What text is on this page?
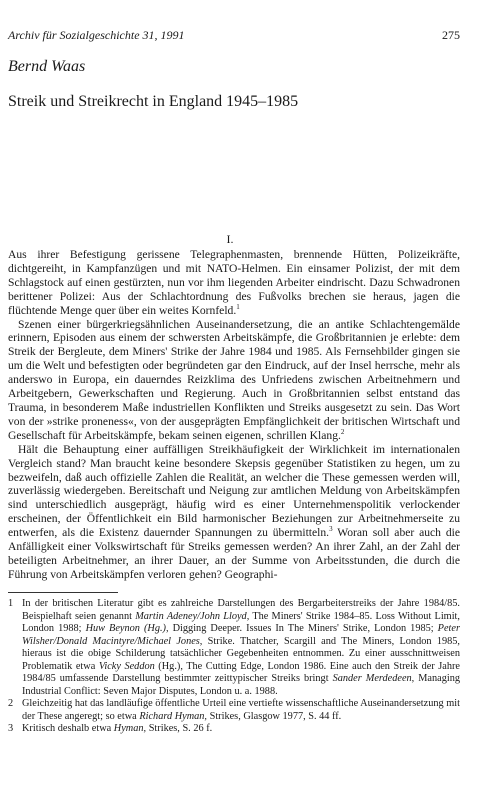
Archiv für Sozialgeschichte 31, 1991	275
Bernd Waas
Streik und Streikrecht in England 1945–1985
I.

Aus ihrer Befestigung gerissene Telegraphenmasten, brennende Hütten, Polizeikräfte, dichtgereiht, in Kampfanzügen und mit NATO-Helmen. Ein einsamer Polizist, der mit dem Schlagstock auf einen gestürzten, nun vor ihm liegenden Arbeiter eindrischt. Dazu Schwadronen berittener Polizei: Aus der Schlachtordnung des Fußvolks brechen sie heraus, jagen die flüchtende Menge quer über ein weites Kornfeld.$^1$

Szenen einer bürgerkriegsähnlichen Auseinandersetzung, die an antike Schlachtengemälde erinnern, Episoden aus einem der schwersten Arbeitskämpfe, die Großbritannien je erlebte: dem Streik der Bergleute, dem Miners' Strike der Jahre 1984 und 1985. Als Fernsehbilder gingen sie um die Welt und befestigten oder begründeten gar den Eindruck, auf der Insel herrsche, mehr als anderswo in Europa, ein dauerndes Reizklima des Unfriedens zwischen Arbeitnehmern und Arbeitgebern, Gewerkschaften und Regierung. Auch in Großbritannien selbst entstand das Trauma, in besonderem Maße industriellen Konflikten und Streiks ausgesetzt zu sein. Das Wort von der »strike proneness«, von der ausgeprägten Empfänglichkeit der britischen Wirtschaft und Gesellschaft für Arbeitskämpfe, bekam seinen eigenen, schrillen Klang.$^2$

Hält die Behauptung einer auffälligen Streikhäufigkeit der Wirklichkeit im internationalen Vergleich stand? Man braucht keine besondere Skepsis gegenüber Statistiken zu hegen, um zu bezweifeln, daß auch offizielle Zahlen die Realität, an welcher die These gemessen werden will, zuverlässig wiedergeben. Bereitschaft und Neigung zur amtlichen Meldung von Arbeitskämpfen sind unterschiedlich ausgeprägt, häufig wird es einer Unternehmenspolitik verlockender erscheinen, der Öffentlichkeit ein Bild harmonischer Beziehungen zur Arbeitnehmerseite zu entwerfen, als die Existenz dauernder Spannungen zu übermitteln.$^3$ Woran soll aber auch die Anfälligkeit einer Volkswirtschaft für Streiks gemessen werden? An ihrer Zahl, an der Zahl der beteiligten Arbeitnehmer, an ihrer Dauer, an der Summe von Arbeitsstunden, die durch die Führung von Arbeitskämpfen verloren gehen? Geographi-

1 In der britischen Literatur gibt es zahlreiche Darstellungen des Bergarbeiterstreiks der Jahre 1984/85. Beispielhaft seien genannt Martin Adeney/John Lloyd, The Miners' Strike 1984–85. Loss Without Limit, London 1988; Huw Beynon (Hg.), Digging Deeper. Issues In The Miners' Strike, London 1985; Peter Wilsher/Donald Macintyre/Michael Jones, Strike. Thatcher, Scargill and The Miners, London 1985, hieraus ist die obige Schilderung tatsächlicher Gegebenheiten entnommen. Zu einer ausschnittweisen Problematik etwa Vicky Seddon (Hg.), The Cutting Edge, London 1986. Eine auch den Streik der Jahre 1984/85 umfassende Darstellung bestimmter zeittypischer Streiks bringt Sander Merdedeen, Managing Industrial Conflict: Seven Major Disputes, London u. a. 1988.
2 Gleichzeitig hat das landläufige öffentliche Urteil eine vertiefte wissenschaftliche Auseinandersetzung mit der These angeregt; so etwa Richard Hyman, Strikes, Glasgow 1977, S. 44 ff.
3 Kritisch deshalb etwa Hyman, Strikes, S. 26 f.
